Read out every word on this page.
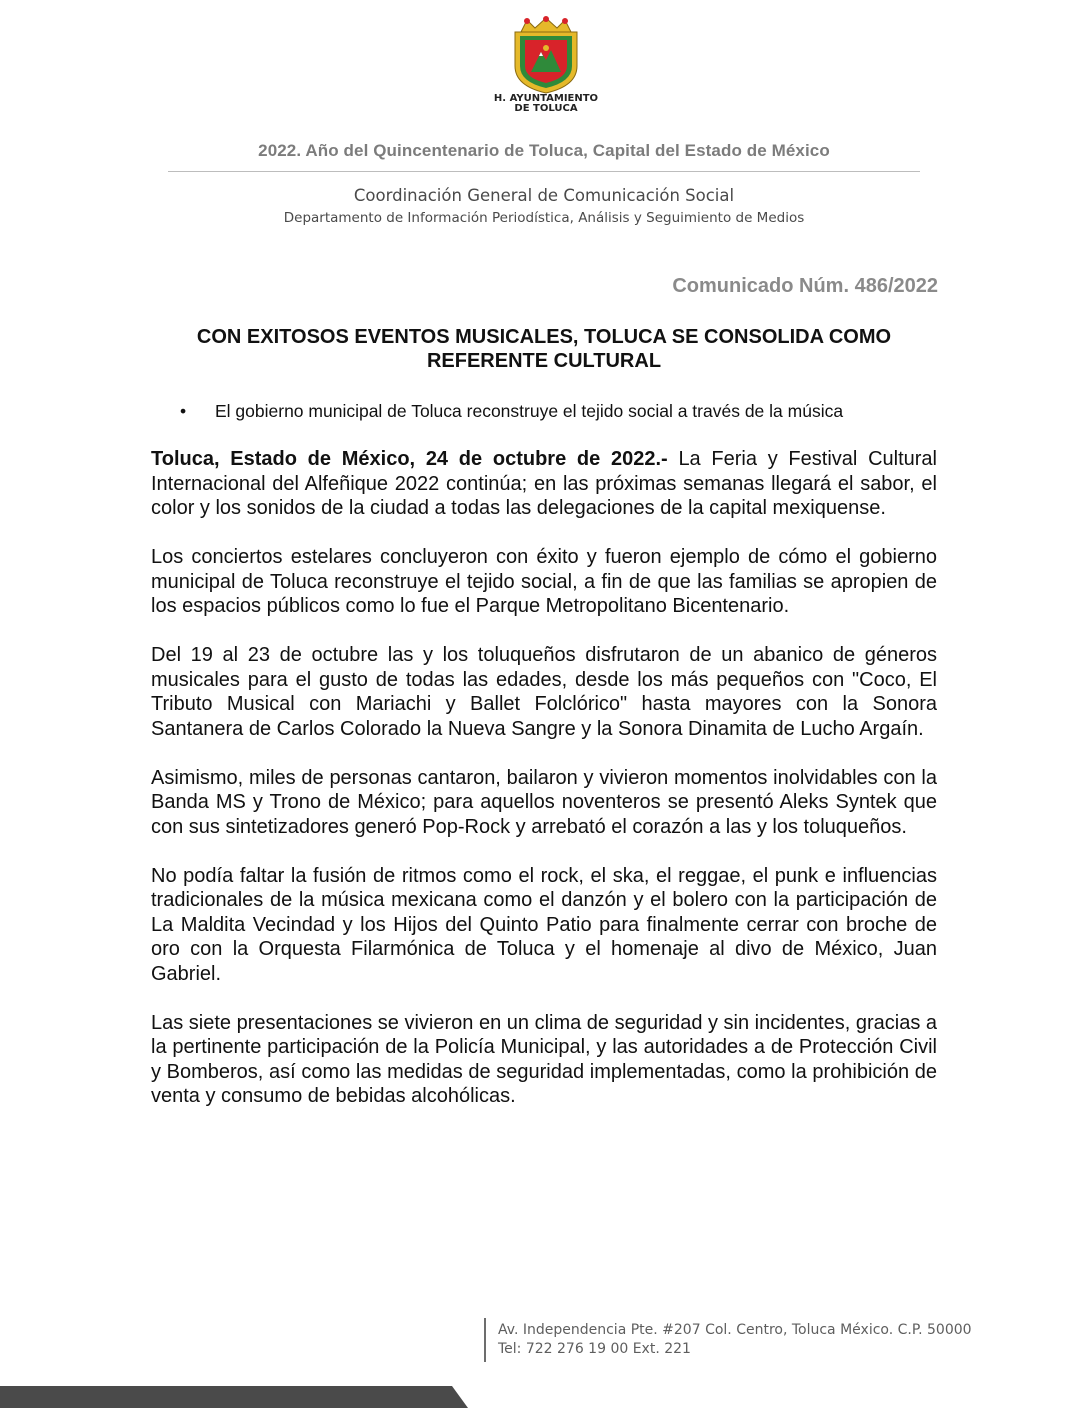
H. AYUNTAMIENTO
DE TOLUCA
2022. Año del Quincentenario de Toluca, Capital del Estado de México
Coordinación General de Comunicación Social
Departamento de Información Periodística, Análisis y Seguimiento de Medios
Comunicado Núm. 486/2022
CON EXITOSOS EVENTOS MUSICALES, TOLUCA SE CONSOLIDA COMO
REFERENTE CULTURAL
• El gobierno municipal de Toluca reconstruye el tejido social a través de la música

Toluca, Estado de México, 24 de octubre de 2022.- La Feria y Festival Cultural Internacional del Alfeñique 2022 continúa; en las próximas semanas llegará el sabor, el color y los sonidos de la ciudad a todas las delegaciones de la capital mexiquense.

Los conciertos estelares concluyeron con éxito y fueron ejemplo de cómo el gobierno municipal de Toluca reconstruye el tejido social, a fin de que las familias se apropien de los espacios públicos como lo fue el Parque Metropolitano Bicentenario.

Del 19 al 23 de octubre las y los toluqueños disfrutaron de un abanico de géneros musicales para el gusto de todas las edades, desde los más pequeños con "Coco, El Tributo Musical con Mariachi y Ballet Folclórico" hasta mayores con la Sonora Santanera de Carlos Colorado la Nueva Sangre y la Sonora Dinamita de Lucho Argaín.

Asimismo, miles de personas cantaron, bailaron y vivieron momentos inolvidables con la Banda MS y Trono de México; para aquellos noventeros se presentó Aleks Syntek que con sus sintetizadores generó Pop-Rock y arrebató el corazón a las y los toluqueños.

No podía faltar la fusión de ritmos como el rock, el ska, el reggae, el punk e influencias tradicionales de la música mexicana como el danzón y el bolero con la participación de La Maldita Vecindad y los Hijos del Quinto Patio para finalmente cerrar con broche de oro con la Orquesta Filarmónica de Toluca y el homenaje al divo de México, Juan Gabriel.

Las siete presentaciones se vivieron en un clima de seguridad y sin incidentes, gracias a la pertinente participación de la Policía Municipal, y las autoridades a de Protección Civil y Bomberos, así como las medidas de seguridad implementadas, como la prohibición de venta y consumo de bebidas alcohólicas.

Av. Independencia Pte. #207 Col. Centro, Toluca México. C.P. 50000
Tel: 722 276 19 00 Ext. 221
